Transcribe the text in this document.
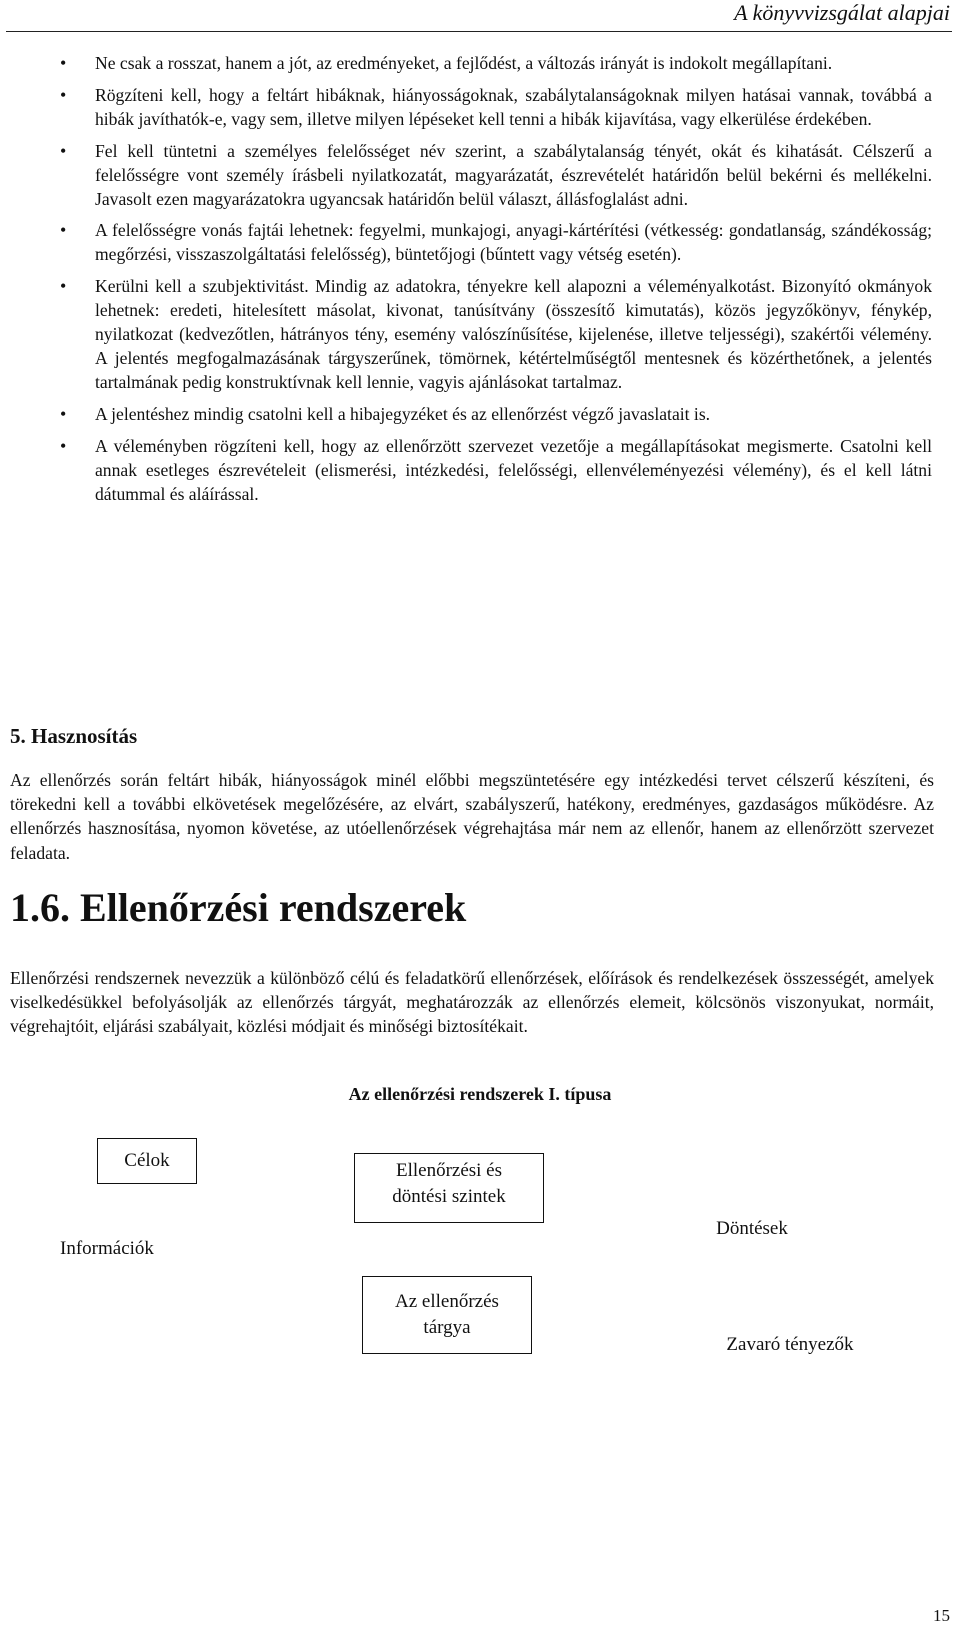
A könyvvizsgálat alapjai
• Ne csak a rosszat, hanem a jót, az eredményeket, a fejlődést, a változás irányát is indokolt megállapítani.
• Rögzíteni kell, hogy a feltárt hibáknak, hiányosságoknak, szabálytalanságoknak milyen hatásai vannak, továbbá a hibák javíthatók-e, vagy sem, illetve milyen lépéseket kell tenni a hibák kijavítása, vagy elkerülése érdekében.
• Fel kell tüntetni a személyes felelősséget név szerint, a szabálytalanság tényét, okát és kihatását. Célszerű a felelősségre vont személy írásbeli nyilatkozatát, magyarázatát, észrevételét határidőn belül bekérni és mellékelni. Javasolt ezen magyarázatokra ugyancsak határidőn belül választ, állásfoglalást adni.
• A felelősségre vonás fajtái lehetnek: fegyelmi, munkajogi, anyagi-kártérítési (vétkesség: gondatlanság, szándékosság; megőrzési, visszaszolgáltatási felelősség), büntetőjogi (bűntett vagy vétség esetén).
• Kerülni kell a szubjektivitást. Mindig az adatokra, tényekre kell alapozni a véleményalkotást. Bizonyító okmányok lehetnek: eredeti, hitelesített másolat, kivonat, tanúsítvány (összesítő kimutatás), közös jegyzőkönyv, fénykép, nyilatkozat (kedvezőtlen, hátrányos tény, esemény valószínűsítése, kijelenése, illetve teljességi), szakértői vélemény. A jelentés megfogalmazásának tárgyszerűnek, tömörnek, kétértelműségtől mentesnek és közérthetőnek, a jelentés tartalmának pedig konstruktívnak kell lennie, vagyis ajánlásokat tartalmaz.
• A jelentéshez mindig csatolni kell a hibajegyzéket és az ellenőrzést végző javaslatait is.
• A véleményben rögzíteni kell, hogy az ellenőrzött szervezet vezetője a megállapításokat megismerte. Csatolni kell annak esetleges észrevételeit (elismerési, intézkedési, felelősségi, ellenvéleményezési vélemény), és el kell látni dátummal és aláírással.
5. Hasznosítás

Az ellenőrzés során feltárt hibák, hiányosságok minél előbbi megszüntetésére egy intézkedési tervet célszerű készíteni, és törekedni kell a további elkövetések megelőzésére, az elvárt, szabályszerű, hatékony, eredményes, gazdaságos működésre. Az ellenőrzés hasznosítása, nyomon követése, az utóellenőrzések végrehajtása már nem az ellenőr, hanem az ellenőrzött szervezet feladata.

1.6. Ellenőrzési rendszerek

Ellenőrzési rendszernek nevezzük a különböző célú és feladatkörű ellenőrzések, előírások és rendelkezések összességét, amelyek viselkedésükkel befolyásolják az ellenőrzés tárgyát, meghatározzák az ellenőrzés elemeit, kölcsönös viszonyukat, normáit, végrehajtóit, eljárási szabályait, közlési módjait és minőségi biztosítékait.

Az ellenőrzési rendszerek I. típusa
Célok	Ellenőrzési és
döntési szintek
Információk
Döntések
Az ellenőrzés
tárgya
Zavaró tényezők
15
